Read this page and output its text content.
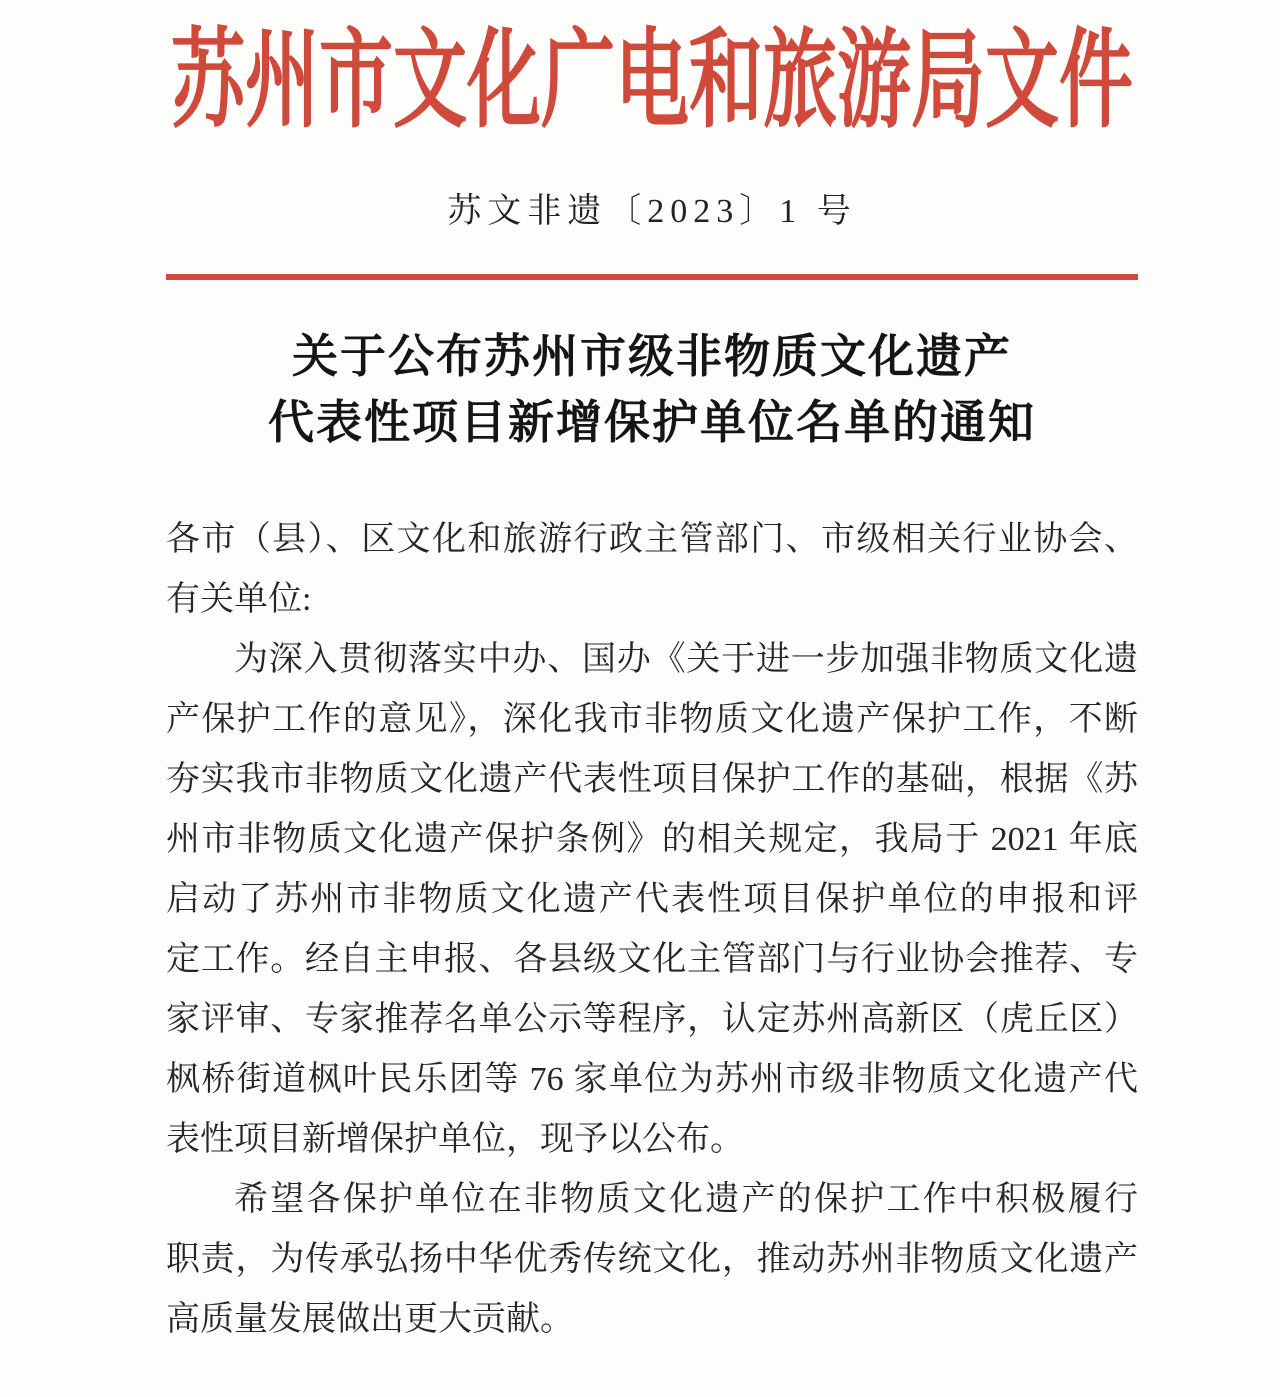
苏州市文化广电和旅游局文件
苏文非遗〔2023〕1 号
关于公布苏州市级非物质文化遗产
代表性项目新增保护单位名单的通知
各市（县）、区文化和旅游行政主管部门、市级相关行业协会、
有关单位:
为深入贯彻落实中办、国办《关于进一步加强非物质文化遗
产保护工作的意见》，深化我市非物质文化遗产保护工作，不断
夯实我市非物质文化遗产代表性项目保护工作的基础，根据《苏
州市非物质文化遗产保护条例》的相关规定，我局于 2021 年底
启动了苏州市非物质文化遗产代表性项目保护单位的申报和评
定工作。经自主申报、各县级文化主管部门与行业协会推荐、专
家评审、专家推荐名单公示等程序，认定苏州高新区（虎丘区）
枫桥街道枫叶民乐团等 76 家单位为苏州市级非物质文化遗产代
表性项目新增保护单位，现予以公布。
希望各保护单位在非物质文化遗产的保护工作中积极履行
职责，为传承弘扬中华优秀传统文化，推动苏州非物质文化遗产
高质量发展做出更大贡献。
